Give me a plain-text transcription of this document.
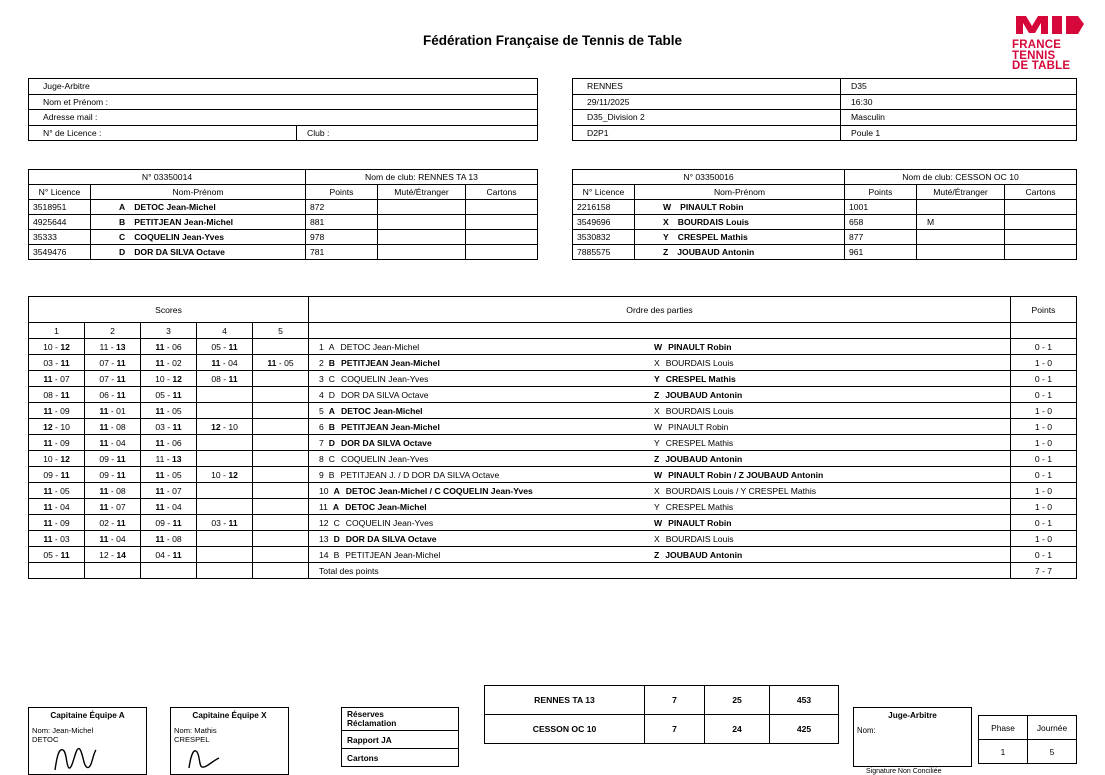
Fédération Française de Tennis de Table	FRANCE
TENNIS
DE TABLE
Juge-Arbitre
Nom et Prénom :
Adresse mail :
N° de Licence :	Club :
RENNES	D35
29/11/2025	16:30
D35_Division 2	Masculin
D2P1	Poule 1
N° 03350014		Nom de club: RENNES TA 13		
N° Licence	Nom-Prénom	Points	Muté/Étranger	Cartons
3518951	A DETOC Jean-Michel	872		
4925644	B PETITJEAN Jean-Michel	881		
35333	C COQUELIN Jean-Yves	978		
3549476	D DOR DA SILVA Octave	781		
N° 03350016		Nom de club: CESSON OC 10		
N° Licence	Nom-Prénom	Points	Muté/Étranger	Cartons
2216158	W PINAULT Robin	1001		
3549696	X BOURDAIS Louis	658	M	
3530832	Y CRESPEL Mathis	877		
7885575	Z JOUBAUD Antonin	961		
Scores					Ordre des parties	Points
1	2	3	4	5		
10 - 12	11 - 13	11 - 06	05 - 11		1 A DETOC Jean-Michel W PINAULT Robin	0 - 1
03 - 11	07 - 11	11 - 02	11 - 04	11 - 05	2 B PETITJEAN Jean-Michel X BOURDAIS Louis	1 - 0
11 - 07	07 - 11	10 - 12	08 - 11		3 C COQUELIN Jean-Yves Y CRESPEL Mathis	0 - 1
08 - 11	06 - 11	05 - 11			4 D DOR DA SILVA Octave Z JOUBAUD Antonin	0 - 1
11 - 09	11 - 01	11 - 05			5 A DETOC Jean-Michel X BOURDAIS Louis	1 - 0
12 - 10	11 - 08	03 - 11	12 - 10		6 B PETITJEAN Jean-Michel W PINAULT Robin	1 - 0
11 - 09	11 - 04	11 - 06			7 D DOR DA SILVA Octave Y CRESPEL Mathis	1 - 0
10 - 12	09 - 11	11 - 13			8 C COQUELIN Jean-Yves Z JOUBAUD Antonin	0 - 1
09 - 11	09 - 11	11 - 05	10 - 12		9 B PETITJEAN J. / D DOR DA SILVA Octave W PINAULT Robin / Z JOUBAUD Antonin	0 - 1
11 - 05	11 - 08	11 - 07			10 A DETOC Jean-Michel / C COQUELIN Jean-Yves X BOURDAIS Louis / Y CRESPEL Mathis	1 - 0
11 - 04	11 - 07	11 - 04			11 A DETOC Jean-Michel Y CRESPEL Mathis	1 - 0
11 - 09	02 - 11	09 - 11	03 - 11		12 C COQUELIN Jean-Yves W PINAULT Robin	0 - 1
11 - 03	11 - 04	11 - 08			13 D DOR DA SILVA Octave X BOURDAIS Louis	1 - 0
05 - 11	12 - 14	04 - 11			14 B PETITJEAN Jean-Michel Z JOUBAUD Antonin	0 - 1
					Total des points	7 - 7
Capitaine Équipe A
Nom: Jean-Michel
DETOC
Capitaine Équipe X
Nom: Mathis
CRESPEL
Réserves
Réclamation
Rapport JA
Cartons
RENNES TA 13	7	25	453
CESSON OC 10	7	24	425
Juge-Arbitre
Nom:	Phase	Journée
1	5
Signature Non Conciliée
